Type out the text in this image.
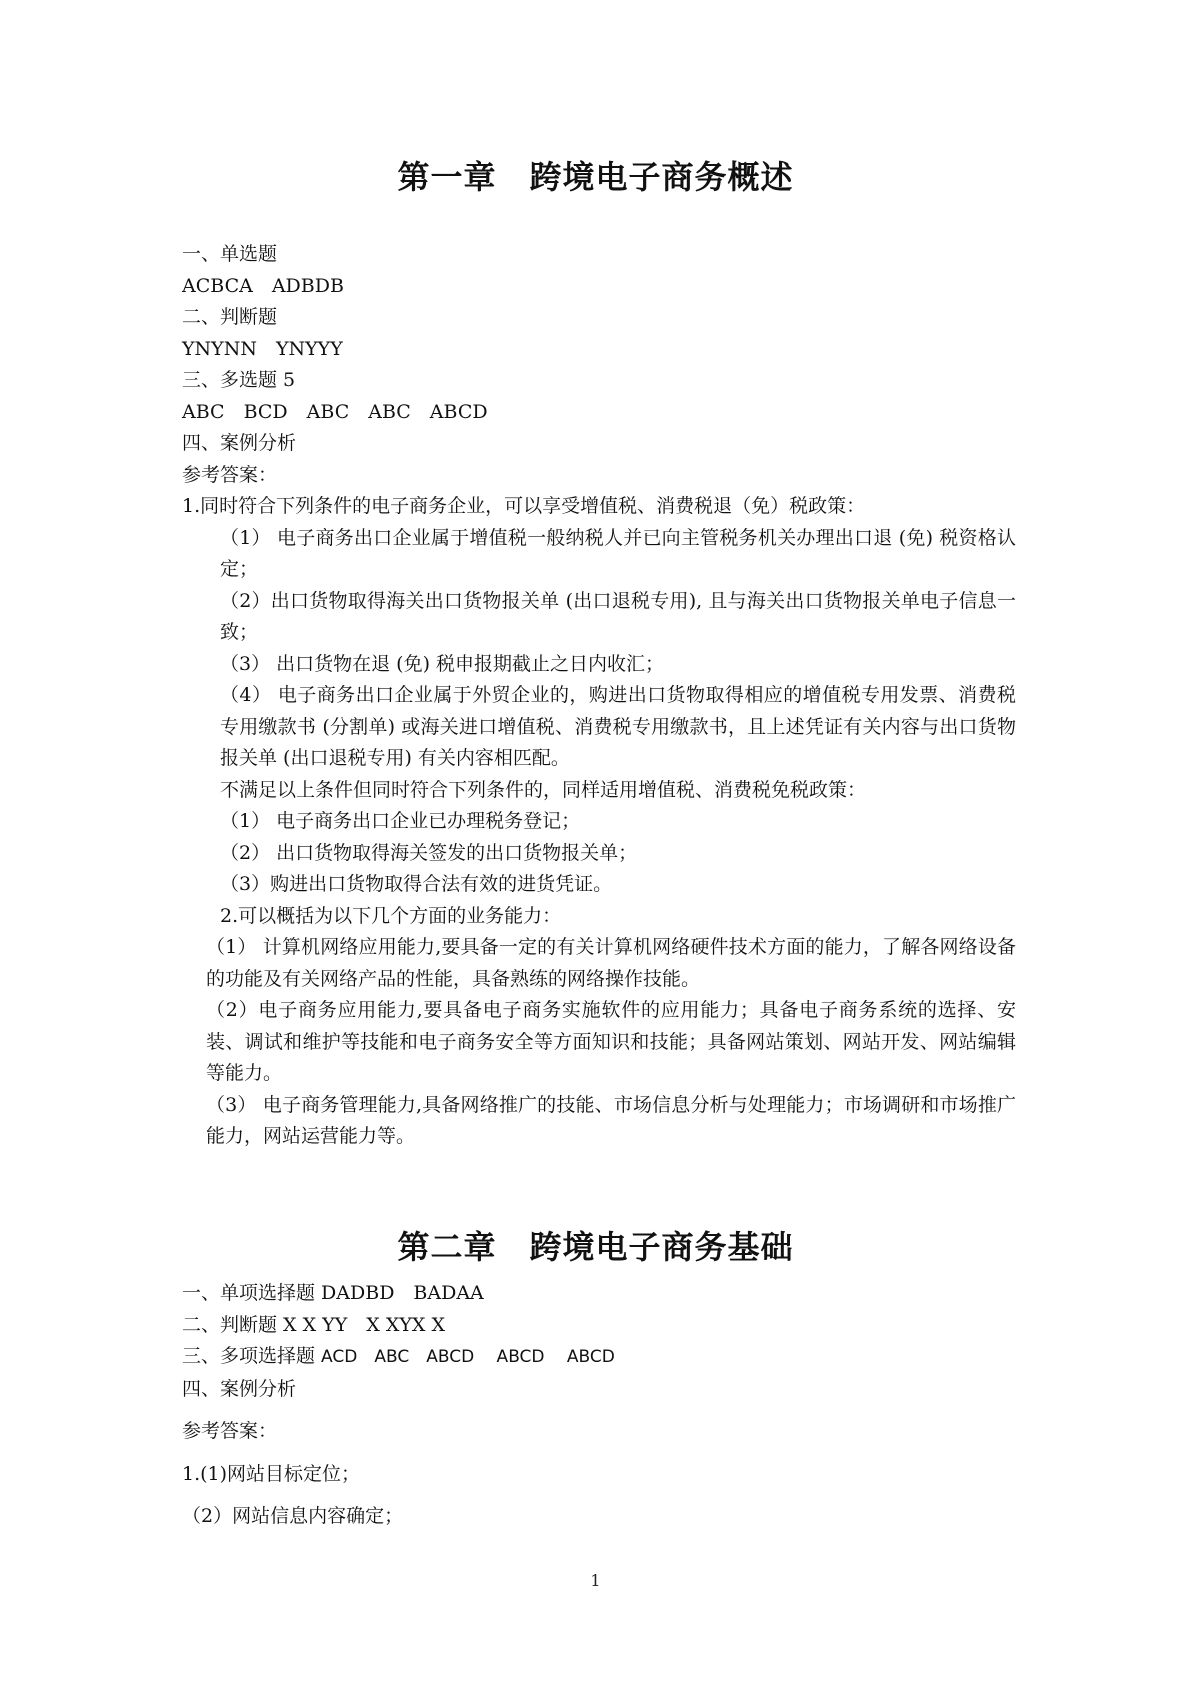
第一章　跨境电子商务概述
一、单选题
ACBCA　ADBDB
二、判断题
YNYNN　YNYYY
三、多选题 5
ABC　BCD　ABC　ABC　ABCD
四、案例分析
参考答案：
1.同时符合下列条件的电子商务企业，可以享受增值税、消费税退（免）税政策：
（1） 电子商务出口企业属于增值税一般纳税人并已向主管税务机关办理出口退 (免) 税资格认定；
（2）出口货物取得海关出口货物报关单 (出口退税专用), 且与海关出口货物报关单电子信息一致；
（3） 出口货物在退 (免) 税申报期截止之日内收汇；
（4） 电子商务出口企业属于外贸企业的，购进出口货物取得相应的增值税专用发票、消费税专用缴款书 (分割单) 或海关进口增值税、消费税专用缴款书，且上述凭证有关内容与出口货物报关单 (出口退税专用) 有关内容相匹配。
不满足以上条件但同时符合下列条件的，同样适用增值税、消费税免税政策：
（1） 电子商务出口企业已办理税务登记；
（2） 出口货物取得海关签发的出口货物报关单；
（3）购进出口货物取得合法有效的进货凭证。
2.可以概括为以下几个方面的业务能力：
（1） 计算机网络应用能力,要具备一定的有关计算机网络硬件技术方面的能力，了解各网络设备的功能及有关网络产品的性能，具备熟练的网络操作技能。
（2）电子商务应用能力,要具备电子商务实施软件的应用能力；具备电子商务系统的选择、安装、调试和维护等技能和电子商务安全等方面知识和技能；具备网站策划、网站开发、网站编辑等能力。
（3） 电子商务管理能力,具备网络推广的技能、市场信息分析与处理能力；市场调研和市场推广能力，网站运营能力等。
第二章　跨境电子商务基础
一、单项选择题 DADBD　BADAA
二、判断题 X X YY　X XYX X
三、多项选择题 ACD　ABC　ABCD　 ABCD　 ABCD
四、案例分析
参考答案：
1.(1)网站目标定位；
（2）网站信息内容确定；
1
